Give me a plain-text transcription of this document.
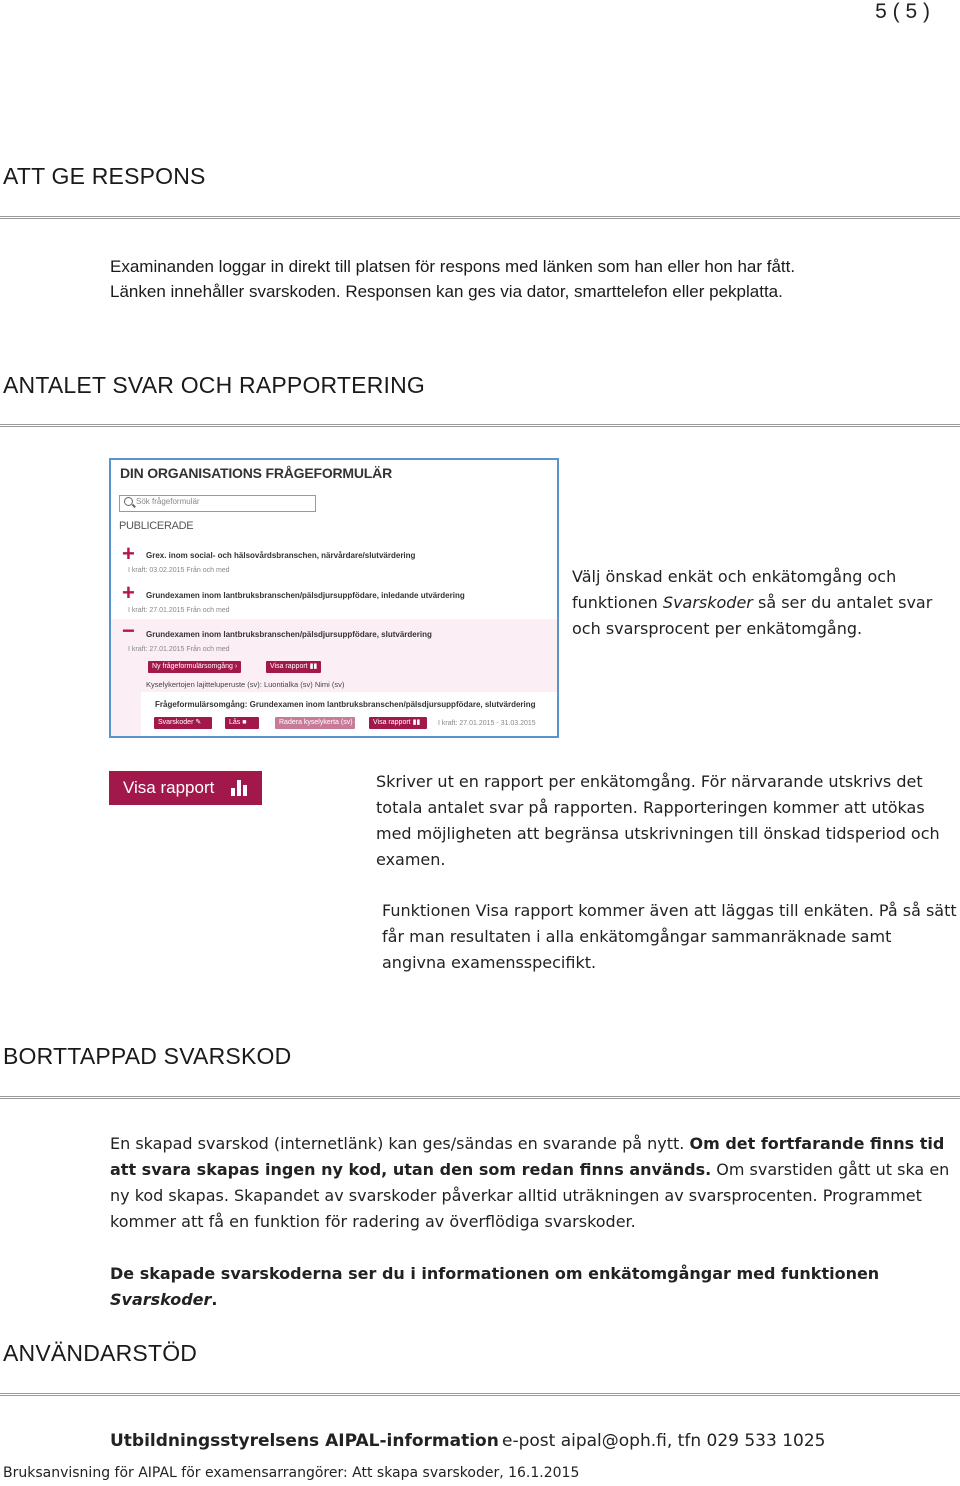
5 ( 5 )
ATT GE RESPONS
Examinanden loggar in direkt till platsen för respons med länken som han eller hon har fått.
Länken innehåller svarskoden. Responsen kan ges via dator, smarttelefon eller pekplatta.
ANTALET SVAR OCH RAPPORTERING
DIN ORGANISATIONS FRÅGEFORMULÄR
Sök frågeformulär
PUBLICERADE
+ Grex. inom social- och hälsovårdsbranschen, närvårdare/slutvärdering
I kraft: 03.02.2015 Från och med
+ Grundexamen inom lantbruksbranschen/pälsdjursuppfödare, inledande utvärdering
I kraft: 27.01.2015 Från och med
− Grundexamen inom lantbruksbranschen/pälsdjursuppfödare, slutvärdering
I kraft: 27.01.2015 Från och med
Ny frågeformulärsomgång ›	Visa rapport ▮▮
Kyselykertojen lajitteluperuste (sv): Luontialka (sv) Nimi (sv)
Frågeformulärsomgång: Grundexamen inom lantbruksbranschen/pälsdjursuppfödare, slutvärdering
Svarskoder ✎	Lås ■	Radera kyselykerta (sv) ▪	Visa rapport ▮▮	I kraft: 27.01.2015 - 31.03.2015
Välj önskad enkät och enkätomgång och funktionen Svarskoder så ser du antalet svar och svarsprocent per enkätomgång.
Visa rapport	Skriver ut en rapport per enkätomgång. För närvarande utskrivs det totala antalet svar på rapporten. Rapporteringen kommer att utökas med möjligheten att begränsa utskrivningen till önskad tidsperiod och examen.
Funktionen Visa rapport kommer även att läggas till enkäten. På så sätt får man resultaten i alla enkätomgångar sammanräknade samt angivna examensspecifikt.
BORTTAPPAD SVARSKOD
En skapad svarskod (internetlänk) kan ges/sändas en svarande på nytt. Om det fortfarande finns tid att svara skapas ingen ny kod, utan den som redan finns används. Om svarstiden gått ut ska en ny kod skapas. Skapandet av svarskoder påverkar alltid uträkningen av svarsprocenten. Programmet kommer att få en funktion för radering av överflödiga svarskoder.
De skapade svarskoderna ser du i informationen om enkätomgångar med funktionen Svarskoder.
ANVÄNDARSTÖD
Utbildningsstyrelsens AIPAL-information e-post aipal@oph.fi, tfn 029 533 1025
Bruksanvisning för AIPAL för examensarrangörer: Att skapa svarskoder, 16.1.2015
